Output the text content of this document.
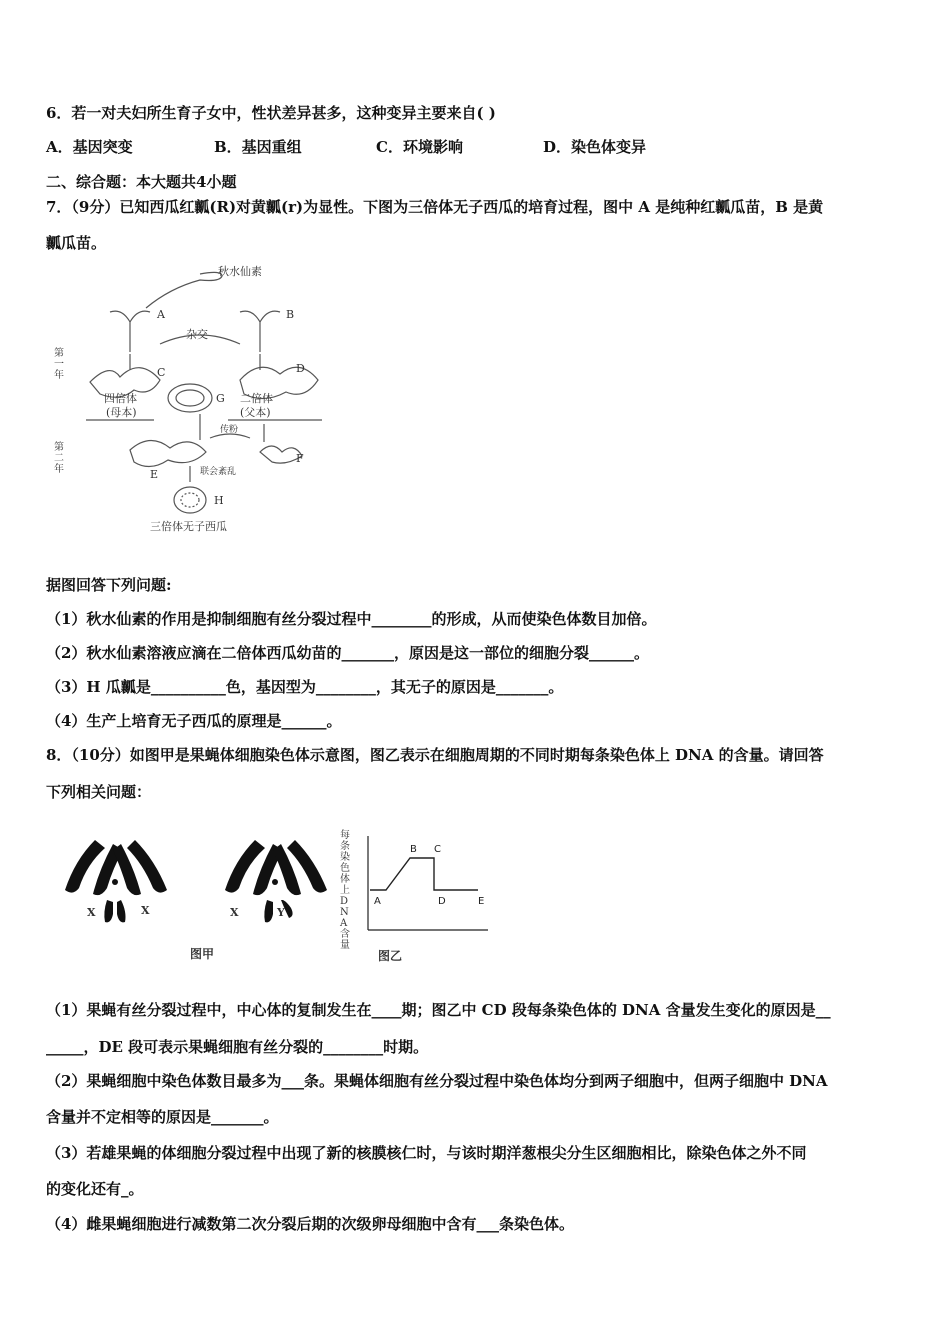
6．若一对夫妇所生育子女中，性状差异甚多，这种变异主要来自( )
A．基因突变	B．基因重组	C．环境影响	D．染色体变异
二、综合题：本大题共4小题
7．（9分）已知西瓜红瓤(R)对黄瓤(r)为显性。下图为三倍体无子西瓜的培育过程，图中 A 是纯种红瓤瓜苗，B 是黄
瓤瓜苗。
秋水仙素
A	B
杂交
C	D
G
四倍体
(母本)
二倍体
(父本)
第一年
第二年
传粉
联会紊乱
E
F
H
三倍体无子西瓜
据图回答下列问题:
（1）秋水仙素的作用是抑制细胞有丝分裂过程中________的形成，从而使染色体数目加倍。
（2）秋水仙素溶液应滴在二倍体西瓜幼苗的_______，原因是这一部位的细胞分裂______。
（3）H 瓜瓤是__________色，基因型为________，其无子的原因是_______。
（4）生产上培育无子西瓜的原理是______。
8．（10分）如图甲是果蝇体细胞染色体示意图，图乙表示在细胞周期的不同时期每条染色体上 DNA 的含量。请回答
下列相关问题：
X	X	X	Y
图甲
每条染色体上DNA含量
A
B C
D	E
图乙
（1）果蝇有丝分裂过程中，中心体的复制发生在____期；图乙中 CD 段每条染色体的 DNA 含量发生变化的原因是__
_____，DE 段可表示果蝇细胞有丝分裂的________时期。
（2）果蝇细胞中染色体数目最多为___条。果蝇体细胞有丝分裂过程中染色体均分到两子细胞中，但两子细胞中 DNA
含量并不定相等的原因是_______。
（3）若雄果蝇的体细胞分裂过程中出现了新的核膜核仁时，与该时期洋葱根尖分生区细胞相比，除染色体之外不同
的变化还有_。
（4）雌果蝇细胞进行减数第二次分裂后期的次级卵母细胞中含有___条染色体。
